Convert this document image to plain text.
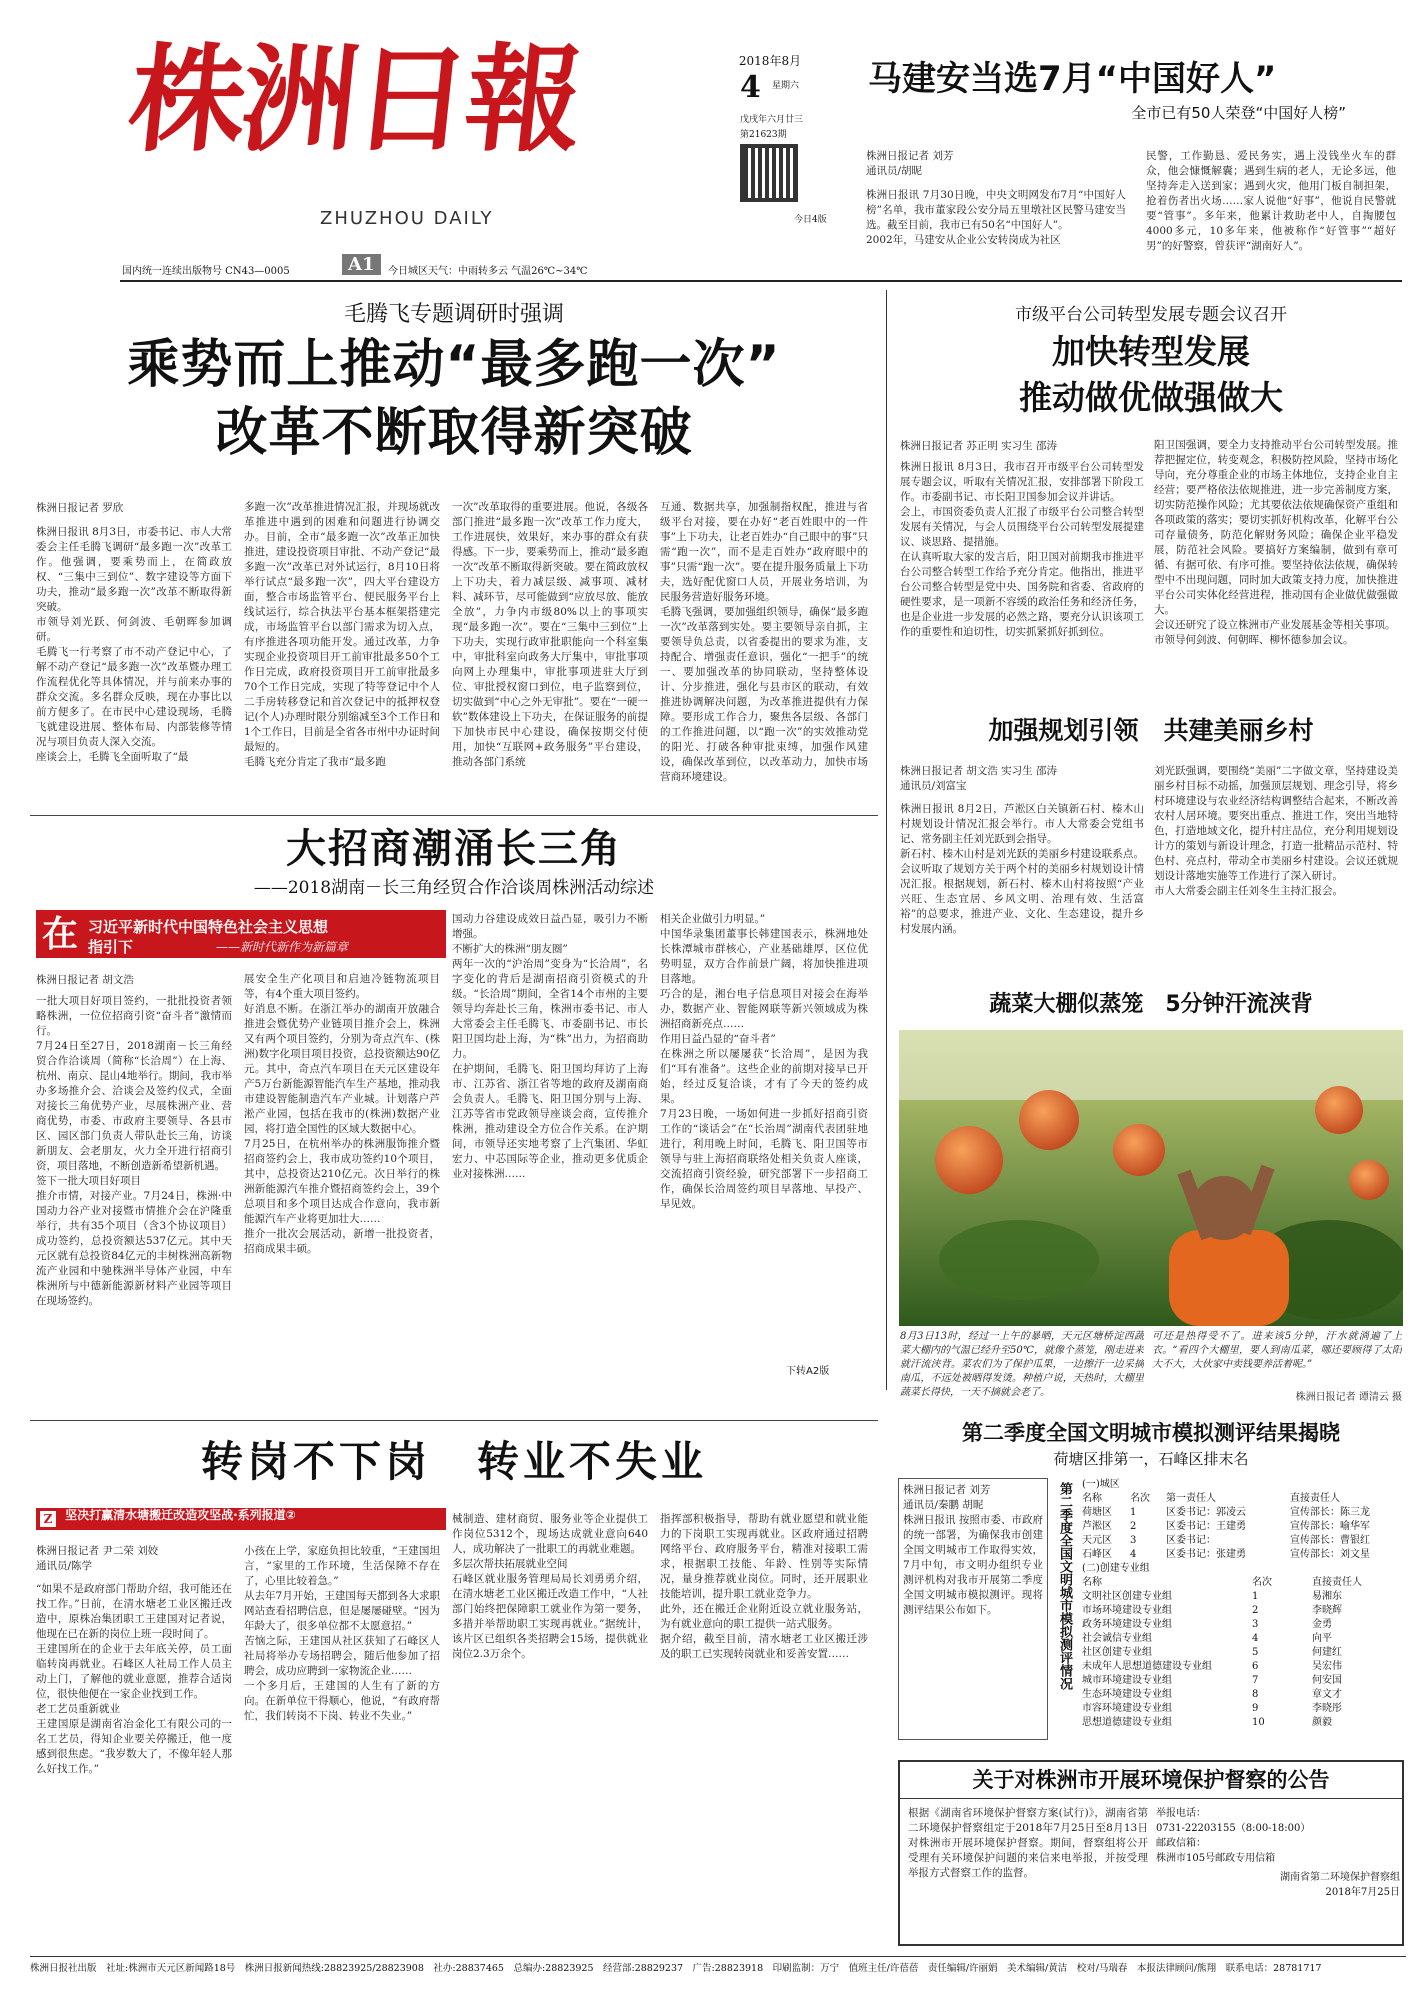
株洲日報
ZHUZHOU DAILY
2018年8月
4 星期六
戊戌年六月廿三
第21623期
今日4版
国内统一连续出版物号 CN43—0005	A1	今日城区天气：中雨转多云 气温26℃~34℃
马建安当选7月“中国好人”
全市已有50人荣登“中国好人榜”
株洲日报记者 刘芳
通讯员/胡昵
株洲日报讯 7月30日晚，中央文明网发布7月“中国好人榜”名单，我市董家段公安分局五里墩社区民警马建安当选。截至目前，我市已有50名“中国好人”。
2002年，马建安从企业公安转岗成为社区
民警，工作勤恳、爱民务实，遇上没钱坐火车的群众，他会慷慨解囊；遇到生病的老人，无论多远，他坚持奔走入送到家；遇到火灾，他用门板自制担架，抢着伤者出火场……家人说他“好事”，他说自民警就要“管事”。多年来，他累计救助老中人，自掏腰包4000多元，10多年来，他被称作“好管事”“超好男”的好警察，曾获评“湖南好人”。
毛腾飞专题调研时强调
乘势而上推动“最多跑一次”
改革不断取得新突破
株洲日报记者 罗欣
株洲日报讯 8月3日，市委书记、市人大常委会主任毛腾飞调研“最多跑一次”改革工作。他强调，要乘势而上，在简政放权、“三集中三到位”、数字建设等方面下功夫，推动“最多跑一次”改革不断取得新突破。
市领导刘光跃、何剑波、毛朝晖参加调研。
毛腾飞一行考察了市不动产登记中心，了解不动产登记“最多跑一次”改革暨办理工作流程优化等具体情况，并与前来办事的群众交流。多名群众反映，现在办事比以前方便多了。在市民中心建设现场，毛腾飞就建设进展、整体布局、内部装修等情况与项目负责人深入交流。
座谈会上，毛腾飞全面听取了“最
多跑一次”改革推进情况汇报，并现场就改革推进中遇到的困难和问题进行协调交办。目前，全市“最多跑一次”改革正加快推进，建设投资项目审批、不动产登记“最多跑一次”改革已对外试运行，8月10日将举行试点“最多跑一次”，四大平台建设方面，整合市场监管平台、便民服务平台上线试运行，综合执法平台基本框架搭建完成，市场监管平台以部门需求为切入点，有序推进各项功能开发。通过改革，力争实现企业投资项目开工前审批最多50个工作日完成，政府投资项目开工前审批最多70个工作日完成，实现了特等登记中个人二手房转移登记和首次登记中的抵押权登记(个人)办理时限分别缩减至3个工作日和1个工作日，目前是全省各市州中办证时间最短的。
毛腾飞充分肯定了我市“最多跑
一次”改革取得的重要进展。他说，各级各部门推进“最多跑一次”改革工作力度大，工作进展快，效果好，来办事的群众有获得感。下一步，要乘势而上，推动“最多跑一次”改革不断取得新突破。要在简政放权上下功夫，着力减层级、减事项、减材料、减环节，尽可能做到“应放尽放、能放全放”，力争内市级80%以上的事项实现“最多跑一次”。要在“三集中三到位”上下功夫，实现行政审批职能向一个科室集中，审批科室向政务大厅集中，审批事项向网上办理集中，审批事项进驻大厅到位、审批授权窗口到位，电子监察到位，切实做到“中心之外无审批”。要在“一硬一软”数体建设上下功夫，在保证服务的前提下加快市民中心建设，确保按期交付使用，加快“互联网+政务服务”平台建设，推动各部门系统
互通、数据共享，加强制指权配，推进与省级平台对接，要在办好“老百姓眼中的一件事”上下功夫，让老百姓办“自己眼中的事”只需“跑一次”，而不是走百姓办“政府眼中的事”只需“跑一次”。要在提升服务质量上下功夫，选好配优窗口人员，开展业务培训，为民服务营造好服务环境。
毛腾飞强调，要加强组织领导，确保“最多跑一次”改革落到实处。要主要领导亲自抓，主要领导负总责，以省委提出的要求为准，支持配合、增强责任意识，强化“一把手”的统一、要加强改革的协同联动，坚持整体设计、分步推进，强化与县市区的联动，有效推进协调解决问题，为改革推进提供有力保障。要形成工作合力，聚焦各层级、各部门的工作推进问题，以“跑一次”的实效推动党的阳光、打破各种审批束缚，加强作风建设，确保改革到位，以改革动力，加快市场营商环境建设。
市级平台公司转型发展专题会议召开
加快转型发展
推动做优做强做大
株洲日报记者 苏正明 实习生 邵涛
株洲日报讯 8月3日，我市召开市级平台公司转型发展专题会议，听取有关情况汇报，安排部署下阶段工作。市委副书记、市长阳卫国参加会议并讲话。
会上，市国资委负责人汇报了市级平台公司整合转型发展有关情况，与会人员围绕平台公司转型发展提建议、谈思路、提措施。
在认真听取大家的发言后，阳卫国对前期我市推进平台公司整合转型工作给予充分肯定。他指出，推进平台公司整合转型是党中央、国务院和省委、省政府的硬性要求，是一项新不容缓的政治任务和经济任务，也是企业进一步发展的必然之路，要充分认识该项工作的重要性和迫切性，切实抓紧抓好抓到位。
阳卫国强调，要全力支持推动平台公司转型发展。推荐把握定位，转变观念，积极防控风险，坚持市场化导向，充分尊重企业的市场主体地位，支持企业自主经营；要严格依法依规推进，进一步完善制度方案，切实防范操作风险；尤其要依法依规确保资产重组和各项政策的落实；要切实抓好机构改革，化解平台公司存量债务，防范化解财务风险；确保企业平稳发展，防范社会风险。要搞好方案编制，做到有章可循、有据可依、有序可推。要坚持依法依规，确保转型中不出现问题，同时加大政策支持力度，加快推进平台公司实体化经营进程，推动国有企业做优做强做大。
会议还研究了设立株洲市产业发展基金等相关事项。
市领导何剑波、何朝晖、柳怀德参加会议。
加强规划引领　共建美丽乡村
株洲日报记者 胡文浩 实习生 邵涛
通讯员/刘富宝
株洲日报讯 8月2日，芦淞区白关镇新石村、榛木山村规划设计情况汇报会举行。市人大常委会党组书记、常务副主任刘光跃到会指导。
新石村、榛木山村是刘光跃的美丽乡村建设联系点。会议听取了规划方关于两个村的美丽乡村规划设计情况汇报。根据规划，新石村、榛木山村将按照“产业兴旺、生态宜居、乡风文明、治理有效、生活富裕”的总要求，推进产业、文化、生态建设，提升乡村发展内涵。
刘光跃强调，要围绕“美丽”二字做文章，坚持建设美丽乡村目标不动摇，加强顶层规划、理念引导，将乡村环境建设与农业经济结构调整结合起来，不断改善农村人居环境。要突出重点、推进工作，突出当地特色，打造地域文化，提升村庄品位，充分利用规划设计方的策划与新设计理念，打造一批精品示范村、特色村、亮点村，带动全市美丽乡村建设。会议还就规划设计落地实施等工作进行了深入研讨。
市人大常委会副主任刘冬生主持汇报会。
蔬菜大棚似蒸笼　5分钟汗流浃背
8月3日13时，经过一上午的暴晒，天元区塘桥淀西蔬菜大棚内的气温已经升至50℃，就像个蒸笼，刚走进来就汗流浃背。菜农们为了保护瓜果，一边擦汗一边采摘南瓜，不远处被晒得发烫。种植户说，天热时，大棚里蔬菜长得快，一天不摘就会老了。
可还是热得受不了。进来该5分钟，汗水就淌遍了上衣。“看四个大棚里，要人到南瓜菜，哪还要顾得了太阳大不大，大伙家中卖钱要养活着呢。”
株洲日报记者 谭清云 摄
大招商潮涌长三角
——2018湖南－长三角经贸合作洽谈周株洲活动综述
在 习近平新时代中国特色社会主义思想
指引下	——新时代新作为新篇章
株洲日报记者 胡文浩
一批大项目好项目签约，一批批投资者领略株洲，一位位招商引资“奋斗者”激情而行。
7月24日至27日，2018湖南－长三角经贸合作洽谈周（简称“长洽周”）在上海、杭州、南京、昆山4地举行。期间，我市举办多场推介会、洽谈会及签约仪式，全面对接长三角优势产业，尽展株洲产业、营商优势，市委、市政府主要领导、各县市区、园区部门负责人带队赴长三角，访谈新朋友、会老朋友，火力全开进行招商引资，项目落地，不断创造新希望新机遇。
签下一批大项目好项目
推介市情，对接产业。7月24日，株洲·中国动力谷产业对接暨市情推介会在沪隆重举行，共有35个项目（含3个协议项目）成功签约，总投资额达537亿元。其中天元区就有总投资84亿元的丰树株洲高新物流产业园和中驰株洲半导体产业园，中车株洲所与中德新能源新材料产业园等项目在现场签约。
展安全生产化项目和启迪冷链物流项目等，有4个重大项目签约。
好消息不断。在浙江举办的湖南开放融合推进会暨优势产业链项目推介会上，株洲又有两个项目签约，分别为奇点汽车、(株洲)数字化项目项目投资，总投资额达90亿元。其中，奇点汽车项目在天元区建设年产5万台新能源智能汽车生产基地，推动我市建设智能制造汽车产业城。计划落户芦淞产业园，包括在我市的(株洲)数据产业园，将打造全国性的区域大数据中心。
7月25日，在杭州举办的株洲服饰推介暨招商签约会上，我市成功签约10个项目，其中，总投资达210亿元。次日举行的株洲新能源汽车推介暨招商签约会上，39个总项目和多个项目达成合作意向，我市新能源汽车产业将更加壮大……
推介一批次会展活动，新增一批投资者，招商成果丰硕。
国动力谷建设成效日益凸显，吸引力不断增强。
不断扩大的株洲“朋友圈”
两年一次的“沪治周”变身为“长洽周”，名字变化的背后是湖南招商引资模式的升级。“长洽周”期间，全省14个市州的主要领导均奔赴长三角，株洲市委书记、市人大常委会主任毛腾飞、市委副书记、市长阳卫国均赴上海，为“株”出力，为招商助力。
在护期间，毛腾飞、阳卫国均拜访了上海市、江苏省、浙江省等地的政府及湖南商会负责人。毛腾飞、阳卫国分别与上海、江苏等省市党政领导座谈会商，宣传推介株洲，推动建设全方位合作关系。在沪期间，市领导还实地考察了上汽集团、华虹宏力、中芯国际等企业，推动更多优质企业对接株洲……
相关企业做引力明显。”
中国华录集团董事长韩建国表示，株洲地处长株潭城市群核心，产业基础雄厚，区位优势明显，双方合作前景广阔，将加快推进项目落地。
巧合的是，湘台电子信息项目对接会在海举办，数据产业、智能网联等新兴领域成为株洲招商新亮点……
作用日益凸显的“奋斗者”
在株洲之所以屡屡获“长洽周”，是因为我们“耳有准备”。这些企业的前期对接早已开始，经过反复洽谈，才有了今天的签约成果。
7月23日晚，一场如何进一步抓好招商引资工作的“谈话会”在“长治周”湖南代表团驻地进行，利用晚上时间，毛腾飞、阳卫国等市领导与驻上海招商联络处相关负责人座谈，交流招商引资经验，研究部署下一步招商工作，确保长洽周签约项目早落地、早投产、早见效。
下转A2版
转岗不下岗　转业不失业
Z $^{坚决打赢清水塘搬迁改造攻坚战\cdot 系列报道②}$
株洲日报记者 尹二荣 刘姣
通讯员/陈学
“如果不是政府部门帮助介绍，我可能还在找工作。”日前，在清水塘老工业区搬迁改造中，原株冶集团职工王建国对记者说，他现在已在新的岗位上班一段时间了。
王建国所在的企业于去年底关停，员工面临转岗再就业。石峰区人社局工作人员主动上门，了解他的就业意愿，推荐合适岗位，很快他便在一家企业找到工作。
老工艺员重新就业
王建国原是湖南省冶金化工有限公司的一名工艺员，得知企业要关停搬迁，他一度感到很焦虑。“我岁数大了，不像年轻人那么好找工作。”
小孩在上学，家庭负担比较重，“王建国坦言，“家里的工作环境，生活保障不存在了，心里比较着急。”
从去年7月开始，王建国每天都到各大求职网站查看招聘信息，但是屡屡碰壁。“因为年龄大了，很多单位都不太愿意招。”
苦恼之际，王建国从社区获知了石峰区人社局将举办专场招聘会，随后他参加了招聘会，成功应聘到一家物流企业……
一个多月后，王建国的人生有了新的方向。在新单位干得顺心，他说，“有政府帮忙，我们转岗不下岗、转业不失业。”
械制造、建材商贸、服务业等企业提供工作岗位5312个，现场达成就业意向640人，成功解决了一批职工的再就业难题。
多层次帮扶拓展就业空间
石峰区就业服务管理局局长刘勇勇介绍，在清水塘老工业区搬迁改造工作中，“人社部门始终把保障职工就业作为第一要务，多措并举帮助职工实现再就业。”据统计，该片区已组织各类招聘会15场，提供就业岗位2.3万余个。
指挥部积极指导，帮助有就业愿望和就业能力的下岗职工实现再就业。区政府通过招聘网络平台、政府服务平台，精准对接职工需求，根据职工技能、年龄、性别等实际情况，量身推荐就业岗位。同时，还开展职业技能培训，提升职工就业竞争力。
此外，还在搬迁企业附近设立就业服务站，为有就业意向的职工提供一站式服务。
据介绍，截至目前，清水塘老工业区搬迁涉及的职工已实现转岗就业和妥善安置……
第二季度全国文明城市模拟测评结果揭晓
荷塘区排第一，石峰区排末名
株洲日报记者 刘芳
通讯员/秦鹏 胡昵
株洲日报讯 按照市委、市政府的统一部署，为确保我市创建全国文明城市工作取得实效，7月中旬，市文明办组织专业测评机构对我市开展第二季度全国文明城市模拟测评。现将测评结果公布如下。	第二季度全国文明城市模拟测评情况 (一)城区
名称	名次	第一责任人	直接责任人
荷塘区	1	区委书记：郭凌云	宣传部长：陈三龙
芦淞区	2	区委书记：王建勇	宣传部长：喻华军
天元区	3	区委书记：	宣传部长：曹银红
石峰区	4	区委书记：张建勇	宣传部长：刘文星
(二)创建专业组
名称	名次	直接责任人
文明社区创建专业组	1	易湘东
市场环境建设专业组	2	李晓辉
政务环境建设专业组	3	金勇
社会诚信专业组	4	向平
社区创建专业组	5	何建红
未成年人思想道德建设专业组	6	吴宏伟
城市环境建设专业组	7	何安国
生态环境建设专业组	8	章文才
市容环境建设专业组	9	李晓彤
思想道德建设专业组	10	颜毅
关于对株洲市开展环境保护督察的公告
根据《湖南省环境保护督察方案(试行)》，湖南省第二环境保护督察组定于2018年7月25日至8月13日对株洲市开展环境保护督察。期间，督察组将公开受理有关环境保护问题的来信来电举报，并按受理举报方式督察工作的监督。
举报电话：
0731-22203155（8:00-18:00）
邮政信箱：
株洲市105号邮政专用信箱
湖南省第二环境保护督察组
2018年7月25日
株洲日报社出版　社址:株洲市天元区新闻路18号　株洲日报新闻热线:28823925/28823908　社办:28837465　总编办:28823925　经营部:28829237　广告:28823918　印刷监制：万宁　值班主任/许蓓蓓　责任编辑/许丽娟　美术编辑/黄洁　校对/马瑞春　本报法律顾问/熊翔　联系电话：28781717
